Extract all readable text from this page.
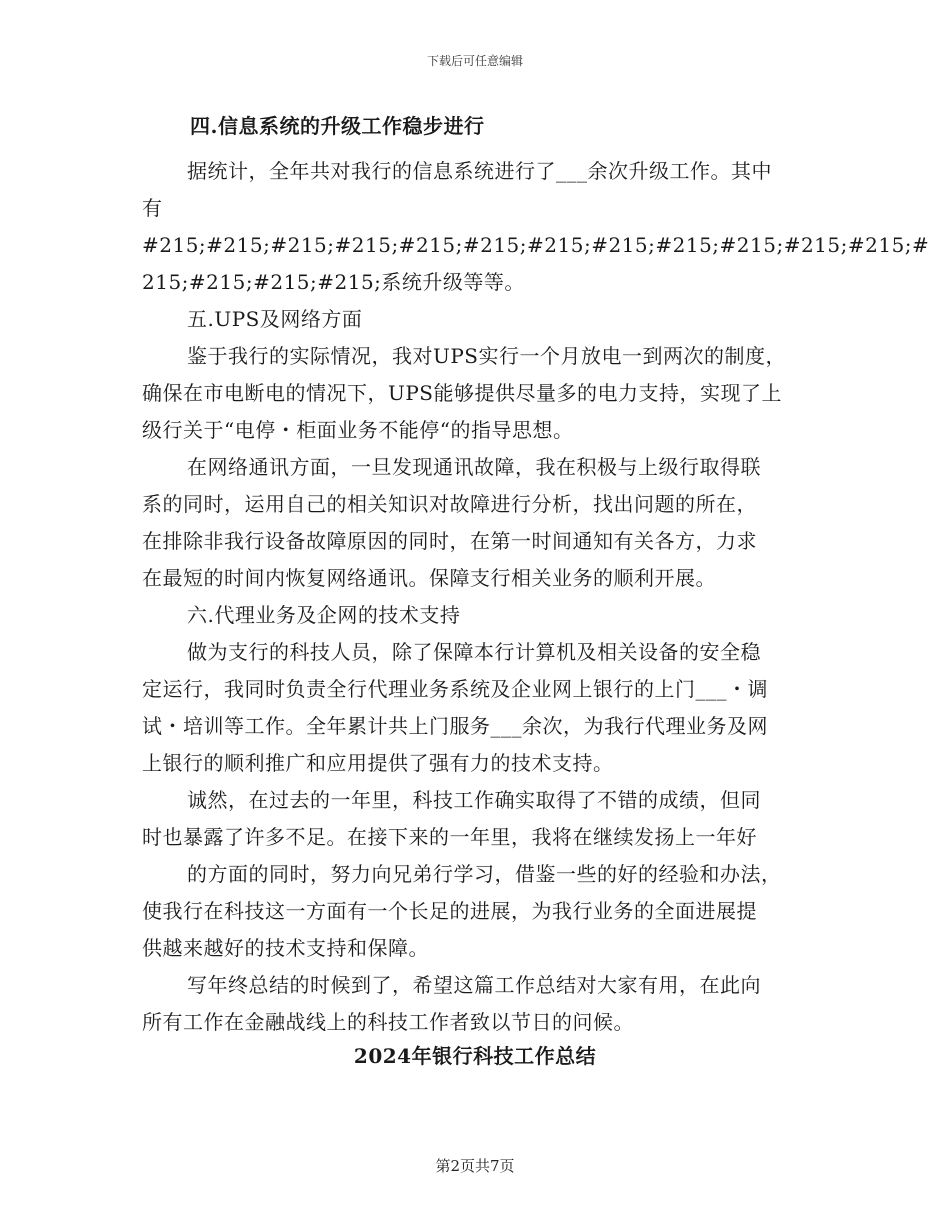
下载后可任意编辑
四.信息系统的升级工作稳步进行
据统计，全年共对我行的信息系统进行了___余次升级工作。其中
有
#215;#215;#215;#215;#215;#215;#215;#215;#215;#215;#215;#215;#
215;#215;#215;#215;系统升级等等。
五.UPS及网络方面
鉴于我行的实际情况，我对UPS实行一个月放电一到两次的制度，
确保在市电断电的情况下，UPS能够提供尽量多的电力支持，实现了上
级行关于“电停・柜面业务不能停“的指导思想。
在网络通讯方面，一旦发现通讯故障，我在积极与上级行取得联
系的同时，运用自己的相关知识对故障进行分析，找出问题的所在，
在排除非我行设备故障原因的同时，在第一时间通知有关各方，力求
在最短的时间内恢复网络通讯。保障支行相关业务的顺利开展。
六.代理业务及企网的技术支持
做为支行的科技人员，除了保障本行计算机及相关设备的安全稳
定运行，我同时负责全行代理业务系统及企业网上银行的上门___・调
试・培训等工作。全年累计共上门服务___余次，为我行代理业务及网
上银行的顺利推广和应用提供了强有力的技术支持。
诚然，在过去的一年里，科技工作确实取得了不错的成绩，但同
时也暴露了许多不足。在接下来的一年里，我将在继续发扬上一年好
的方面的同时，努力向兄弟行学习，借鉴一些的好的经验和办法，
使我行在科技这一方面有一个长足的进展，为我行业务的全面进展提
供越来越好的技术支持和保障。
写年终总结的时候到了，希望这篇工作总结对大家有用，在此向
所有工作在金融战线上的科技工作者致以节日的问候。
2024年银行科技工作总结
第2页共7页
